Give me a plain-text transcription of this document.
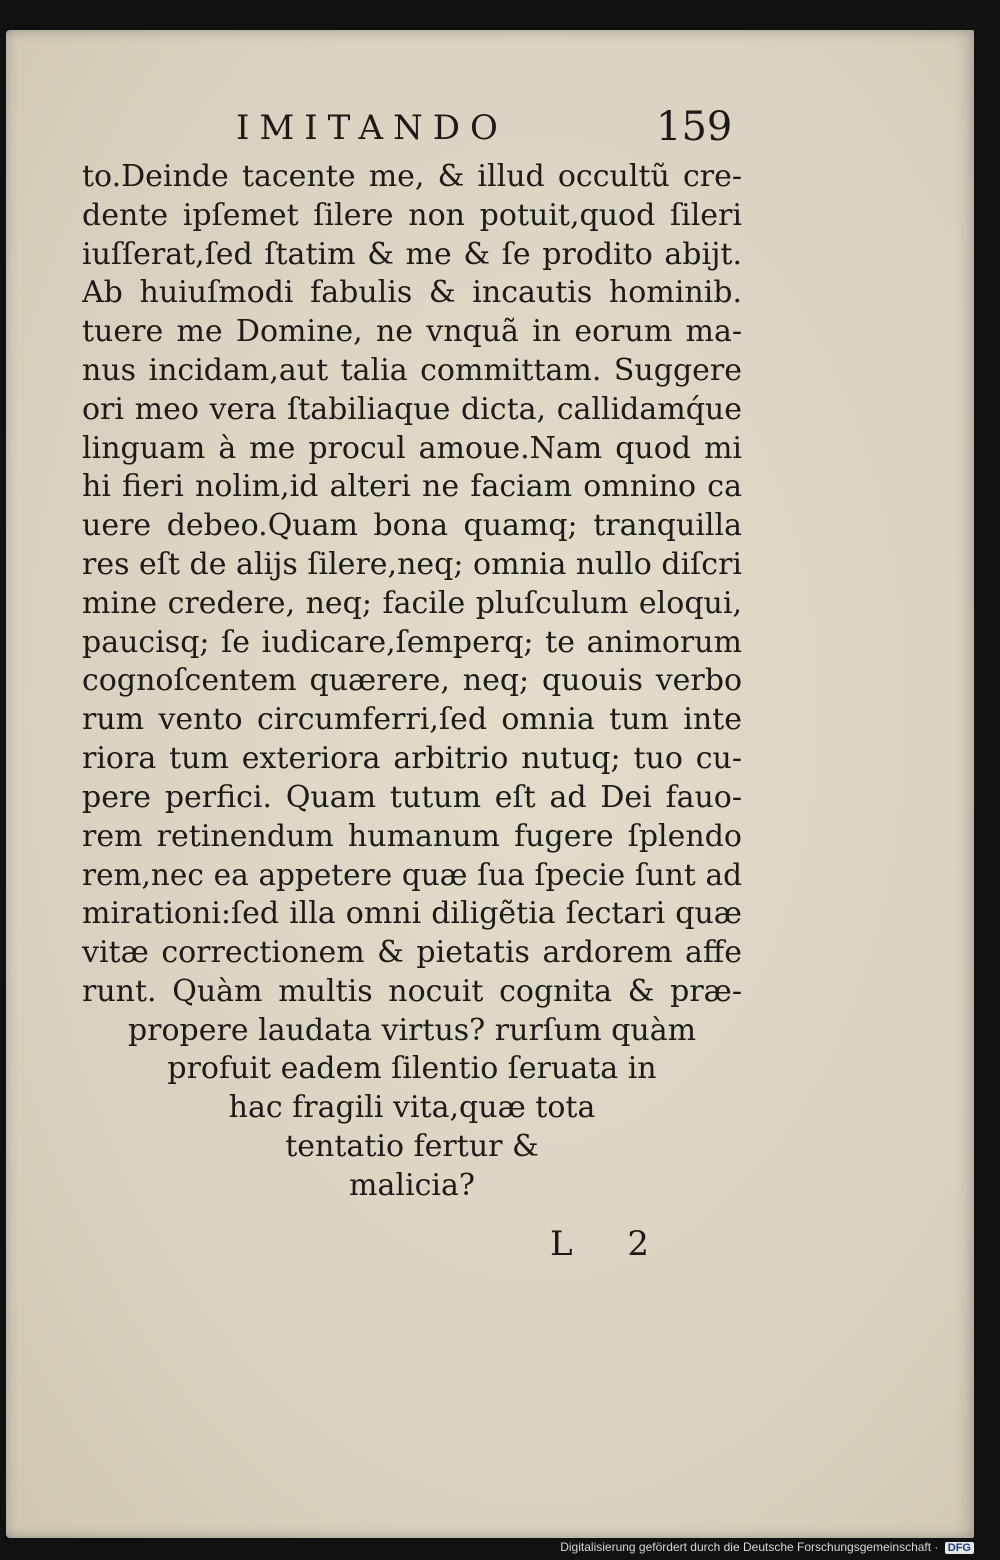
IMITANDO	159
to.Deinde tacente me, & illud occultũ cre-
dente ipſemet ſilere non potuit,quod ſileri
iuſſerat,ſed ſtatim & me & ſe prodito abijt.
Ab huiuſmodi fabulis & incautis hominib.
tuere me Domine, ne vnquã in eorum ma-
nus incidam,aut talia committam. Suggere
ori meo vera ſtabiliaque dicta, callidamq́ue
linguam à me procul amoue.Nam quod mi
hi fieri nolim,id alteri ne faciam omnino ca
uere debeo.Quam bona quamq; tranquilla
res eſt de alijs ſilere,neq; omnia nullo diſcri
mine credere, neq; facile pluſculum eloqui,
paucisq; ſe iudicare,ſemperq; te animorum
cognoſcentem quærere, neq; quouis verbo
rum vento circumferri,ſed omnia tum inte
riora tum exteriora arbitrio nutuq; tuo cu-
pere perfici. Quam tutum eſt ad Dei fauo-
rem retinendum humanum fugere ſplendo
rem,nec ea appetere quæ ſua ſpecie ſunt ad
mirationi:ſed illa omni diligẽtia ſectari quæ
vitæ correctionem & pietatis ardorem affe
runt. Quàm multis nocuit cognita & præ-
propere laudata virtus? rurſum quàm
profuit eadem ſilentio ſeruata in
hac fragili vita,quæ tota
tentatio fertur &
malicia?
L 2
Digitalisierung gefördert durch die Deutsche Forschungsgemeinschaft · DFG
